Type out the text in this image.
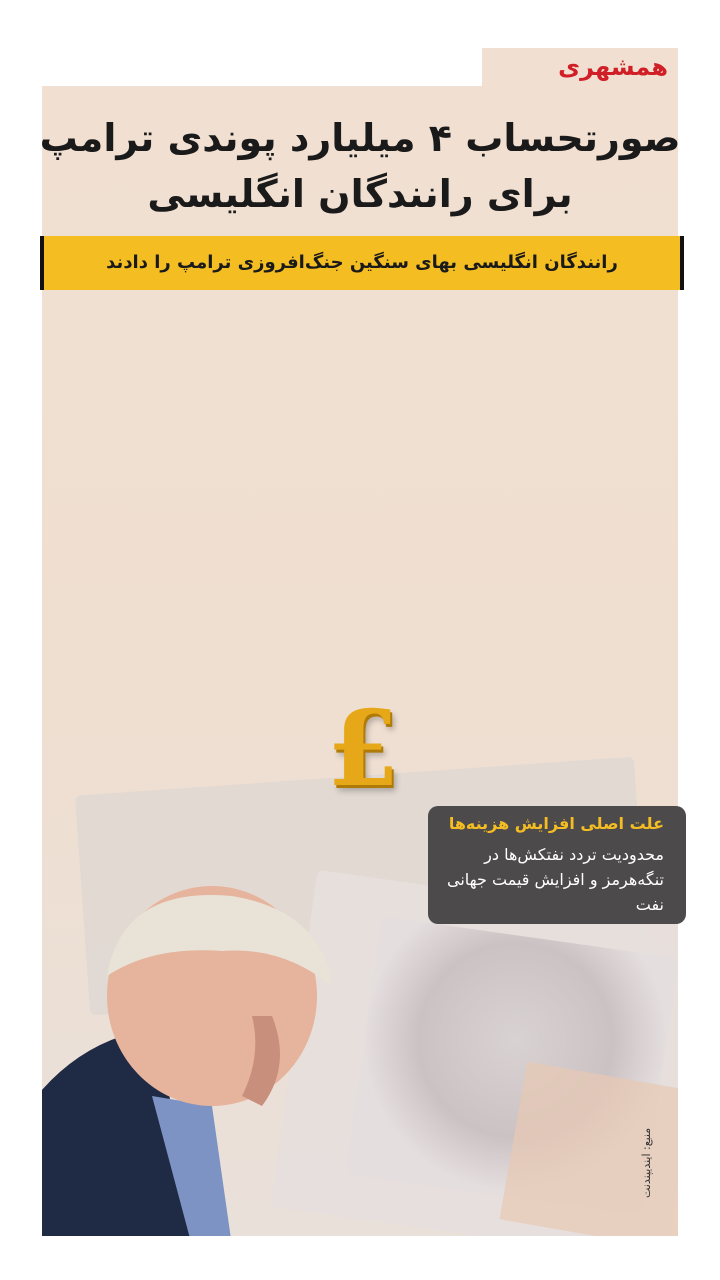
همشهری
صورتحساب ۴ میلیارد پوندی ترامپ
برای رانندگان انگلیسی
رانندگان انگلیسی بهای سنگین جنگ‌افروزی ترامپ را دادند
£
علت اصلی افزایش هزینه‌ها
محدودیت تردد نفتکش‌ها در تنگه‌هرمز و افزایش قیمت جهانی نفت
منبع: ایندیپندنت
